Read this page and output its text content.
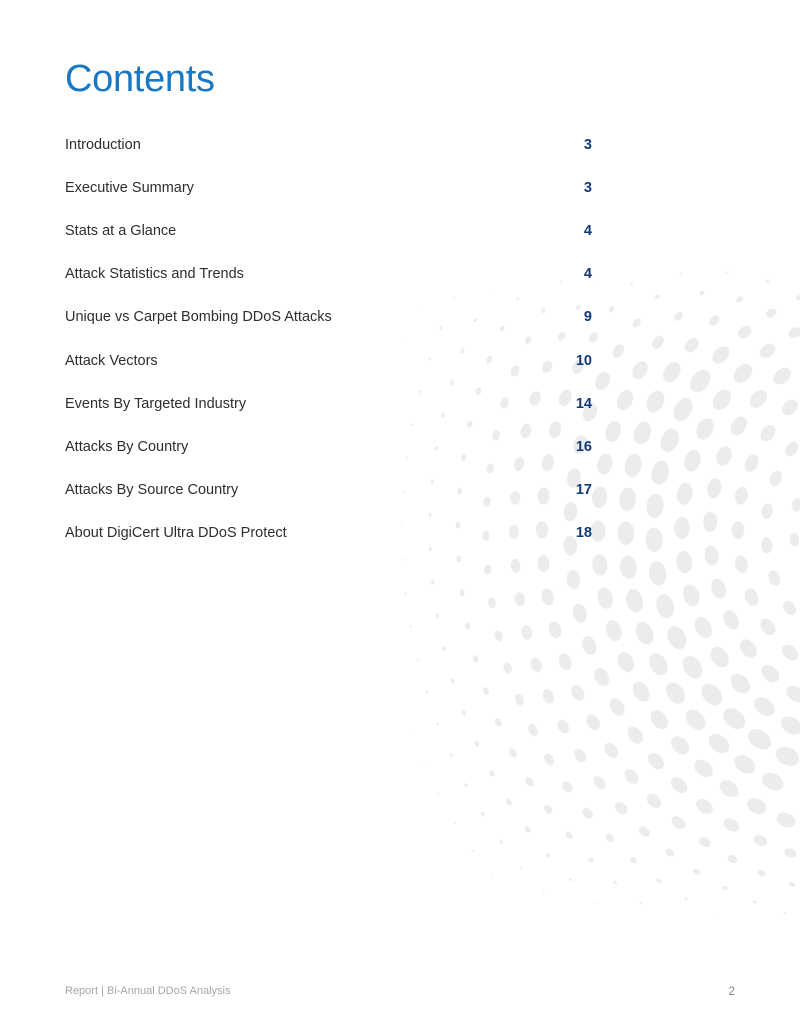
Contents
Introduction	3
Executive Summary	3
Stats at a Glance	4
Attack Statistics and Trends	4
Unique vs Carpet Bombing DDoS Attacks	9
Attack Vectors	10
Events By Targeted Industry	14
Attacks By Country	16
Attacks By Source Country	17
About DigiCert Ultra DDoS Protect	18
Report | Bi-Annual DDoS Analysis	2
